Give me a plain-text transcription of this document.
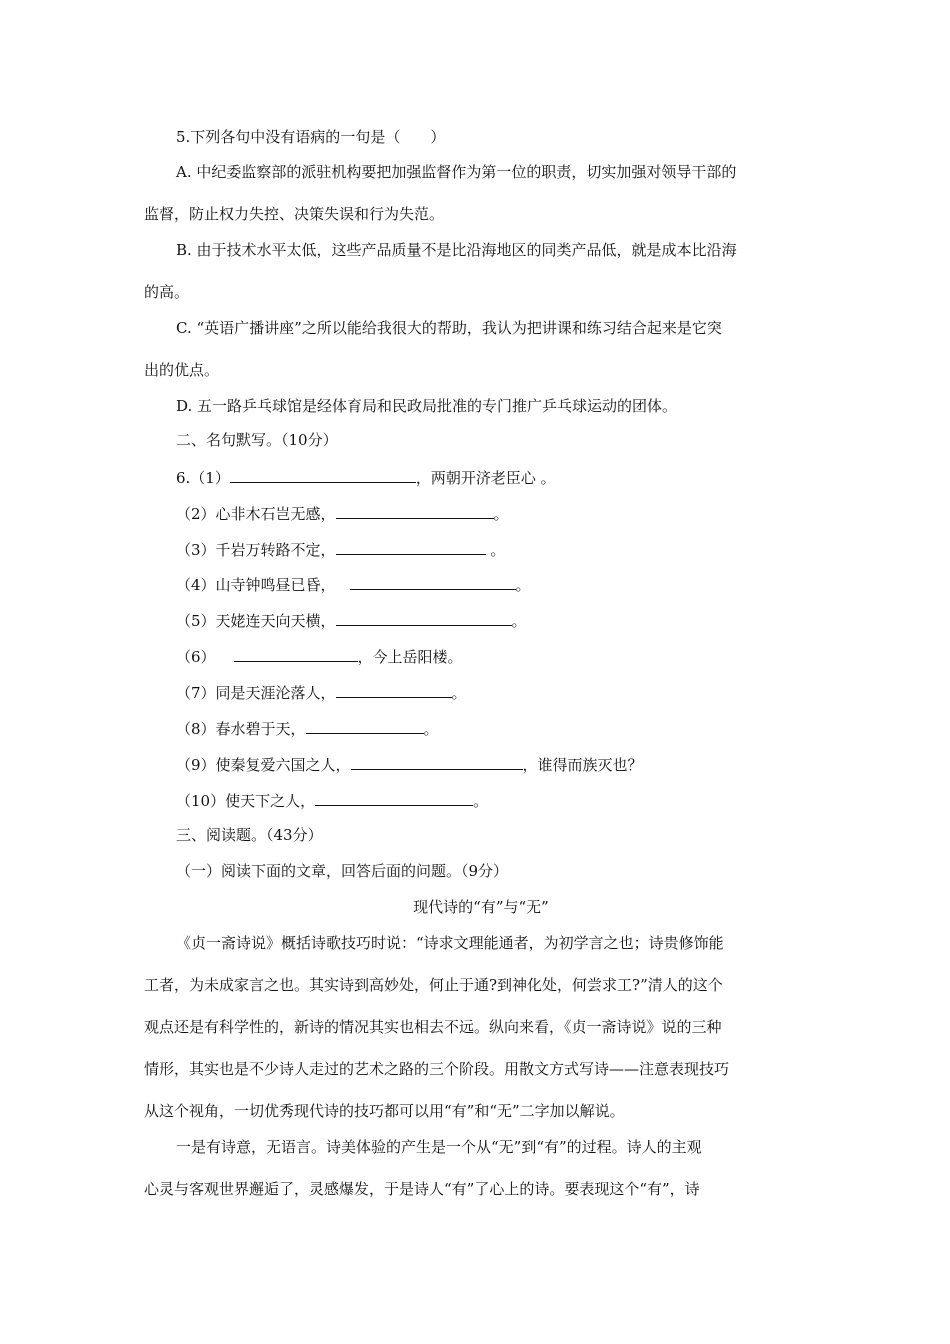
5.下列各句中没有语病的一句是（　　）
A. 中纪委监察部的派驻机构要把加强监督作为第一位的职责，切实加强对领导干部的
监督，防止权力失控、决策失误和行为失范。
B. 由于技术水平太低，这些产品质量不是比沿海地区的同类产品低，就是成本比沿海
的高。
C. “英语广播讲座”之所以能给我很大的帮助，我认为把讲课和练习结合起来是它突
出的优点。
D. 五一路乒乓球馆是经体育局和民政局批准的专门推广乒乓球运动的团体。
二、名句默写。（10分）
6.（1）	，两朝开济老臣心 。
（2）心非木石岂无感，	。
（3）千岩万转路不定，	。
（4）山寺钟鸣昼已昏，	。
（5）天姥连天向天横，	。
（6）	，今上岳阳楼。
（7）同是天涯沦落人，	。
（8）春水碧于天，	。
（9）使秦复爱六国之人，	，谁得而族灭也？
（10）使天下之人，	。
三、阅读题。（43分）
（一）阅读下面的文章，回答后面的问题。（9分）
现代诗的“有”与“无”
《贞一斋诗说》概括诗歌技巧时说：“诗求文理能通者，为初学言之也；诗贵修饰能
工者，为未成家言之也。其实诗到高妙处，何止于通?到神化处，何尝求工?”清人的这个
观点还是有科学性的，新诗的情况其实也相去不远。纵向来看，《贞一斋诗说》说的三种
情形，其实也是不少诗人走过的艺术之路的三个阶段。用散文方式写诗——注意表现技巧
从这个视角，一切优秀现代诗的技巧都可以用“有”和“无”二字加以解说。
一是有诗意，无语言。诗美体验的产生是一个从“无”到“有”的过程。诗人的主观
心灵与客观世界邂逅了，灵感爆发，于是诗人“有”了心上的诗。要表现这个“有”，诗
